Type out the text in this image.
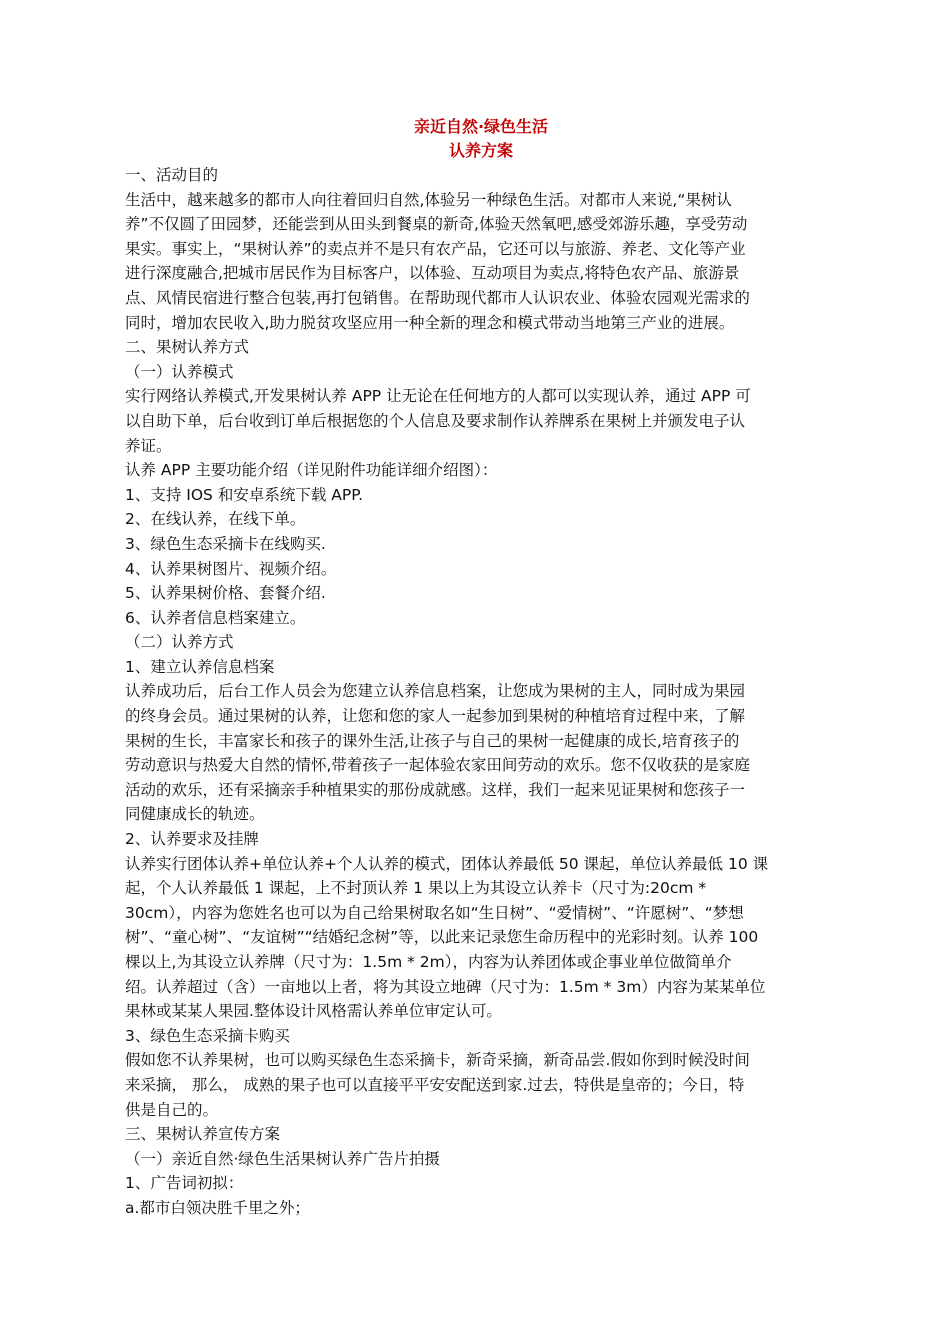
亲近自然·绿色生活

认养方案

一、活动目的

生活中，越来越多的都市人向往着回归自然,体验另一种绿色生活。对都市人来说,“果树认

养”不仅圆了田园梦，还能尝到从田头到餐桌的新奇,体验天然氧吧,感受郊游乐趣，享受劳动

果实。事实上，“果树认养”的卖点并不是只有农产品，它还可以与旅游、养老、文化等产业

进行深度融合,把城市居民作为目标客户，以体验、互动项目为卖点,将特色农产品、旅游景

点、风情民宿进行整合包装,再打包销售。在帮助现代都市人认识农业、体验农园观光需求的

同时，增加农民收入,助力脱贫攻坚应用一种全新的理念和模式带动当地第三产业的进展。

二、果树认养方式

（一）认养模式

实行网络认养模式,开发果树认养 APP 让无论在任何地方的人都可以实现认养，通过 APP 可

以自助下单，后台收到订单后根据您的个人信息及要求制作认养牌系在果树上并颁发电子认

养证。

认养 APP 主要功能介绍（详见附件功能详细介绍图）：

1、支持 IOS 和安卓系统下载 APP.

2、在线认养，在线下单。

3、绿色生态采摘卡在线购买.

4、认养果树图片、视频介绍。

5、认养果树价格、套餐介绍.

6、认养者信息档案建立。

（二）认养方式

1、建立认养信息档案

认养成功后，后台工作人员会为您建立认养信息档案，让您成为果树的主人，同时成为果园

的终身会员。通过果树的认养，让您和您的家人一起参加到果树的种植培育过程中来，了解

果树的生长，丰富家长和孩子的课外生活,让孩子与自己的果树一起健康的成长,培育孩子的

劳动意识与热爱大自然的情怀,带着孩子一起体验农家田间劳动的欢乐。您不仅收获的是家庭

活动的欢乐，还有采摘亲手种植果实的那份成就感。这样，我们一起来见证果树和您孩子一

同健康成长的轨迹。

2、认养要求及挂牌

认养实行团体认养+单位认养+个人认养的模式，团体认养最低 50 课起，单位认养最低 10 课

起，个人认养最低 1 课起，上不封顶认养 1 果以上为其设立认养卡（尺寸为:20cm *

30cm），内容为您姓名也可以为自己给果树取名如“生日树”、“爱情树”、“许愿树”、“梦想

树”、“童心树”、“友谊树”“结婚纪念树”等，以此来记录您生命历程中的光彩时刻。认养 100

棵以上,为其设立认养牌（尺寸为：1.5m * 2m），内容为认养团体或企事业单位做简单介

绍。认养超过（含）一亩地以上者，将为其设立地碑（尺寸为：1.5m * 3m）内容为某某单位

果林或某某人果园.整体设计风格需认养单位审定认可。

3、绿色生态采摘卡购买

假如您不认养果树，也可以购买绿色生态采摘卡，新奇采摘，新奇品尝.假如你到时候没时间

来采摘， 那么， 成熟的果子也可以直接平平安安配送到家.过去，特供是皇帝的；今日，特

供是自己的。

三、果树认养宣传方案

（一）亲近自然·绿色生活果树认养广告片拍摄

1、广告词初拟：

a.都市白领决胜千里之外；
